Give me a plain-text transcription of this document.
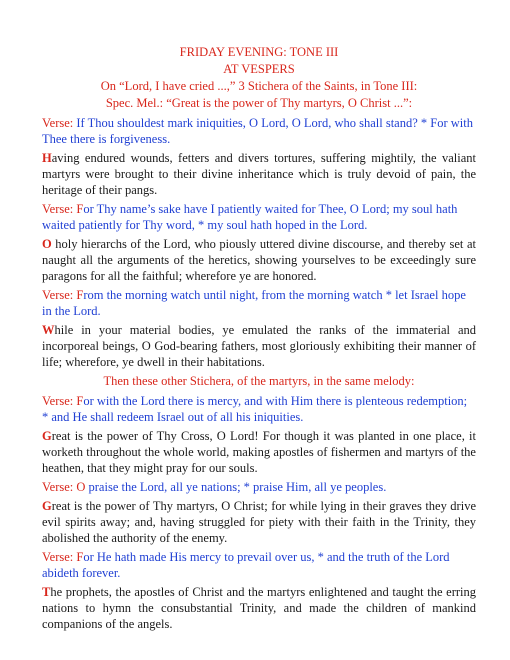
FRIDAY EVENING: TONE III
AT VESPERS
On “Lord, I have cried ...,” 3 Stichera of the Saints, in Tone III:
Spec. Mel.: “Great is the power of Thy martyrs, O Christ ...”:
Verse: If Thou shouldest mark iniquities, O Lord, O Lord, who shall stand? * For with Thee there is forgiveness.
Having endured wounds, fetters and divers tortures, suffering mightily, the valiant martyrs were brought to their divine inheritance which is truly devoid of pain, the heritage of their pangs.
Verse: For Thy name’s sake have I patiently waited for Thee, O Lord; my soul hath waited patiently for Thy word, * my soul hath hoped in the Lord.
O holy hierarchs of the Lord, who piously uttered divine discourse, and thereby set at naught all the arguments of the heretics, showing yourselves to be exceedingly sure paragons for all the faithful; wherefore ye are honored.
Verse: From the morning watch until night, from the morning watch * let Israel hope in the Lord.
While in your material bodies, ye emulated the ranks of the immaterial and incorporeal beings, O God-bearing fathers, most gloriously exhibiting their manner of life; wherefore, ye dwell in their habitations.
Then these other Stichera, of the martyrs, in the same melody:
Verse: For with the Lord there is mercy, and with Him there is plenteous redemption; * and He shall redeem Israel out of all his iniquities.
Great is the power of Thy Cross, O Lord! For though it was planted in one place, it worketh throughout the whole world, making apostles of fishermen and martyrs of the heathen, that they might pray for our souls.
Verse: O praise the Lord, all ye nations; * praise Him, all ye peoples.
Great is the power of Thy martyrs, O Christ; for while lying in their graves they drive evil spirits away; and, having struggled for piety with their faith in the Trinity, they abolished the authority of the enemy.
Verse: For He hath made His mercy to prevail over us, * and the truth of the Lord abideth forever.
The prophets, the apostles of Christ and the martyrs enlightened and taught the erring nations to hymn the consubstantial Trinity, and made the children of mankind companions of the angels.
